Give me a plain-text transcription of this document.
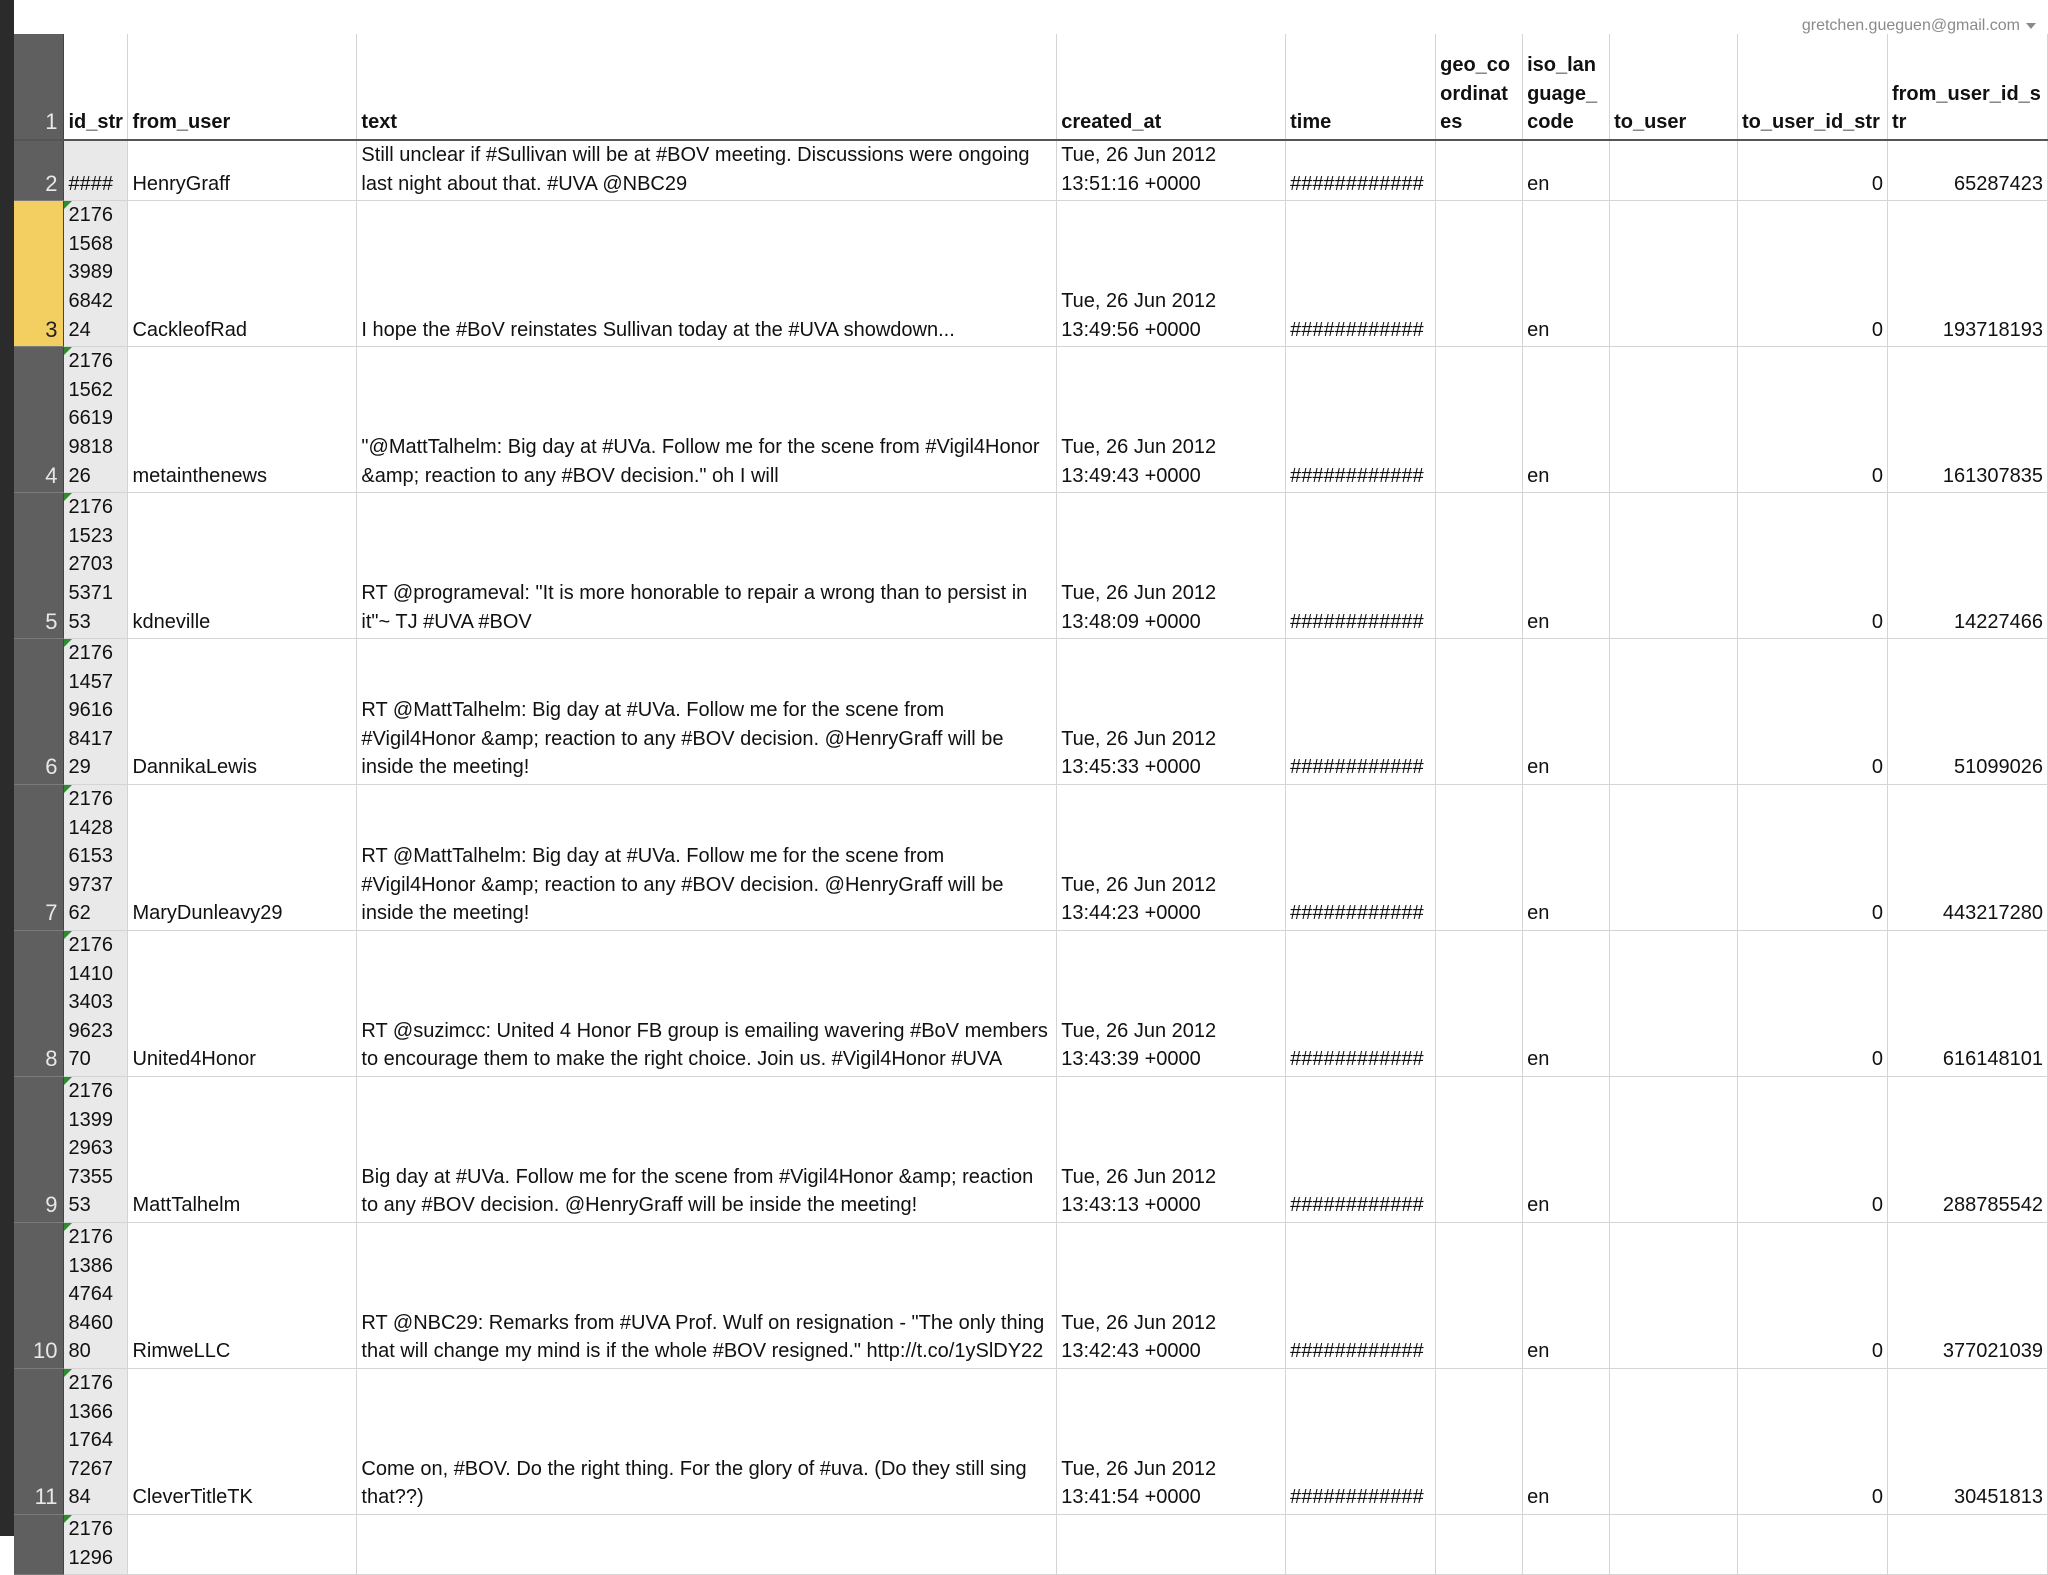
gretchen.gueguen@gmail.com
1	id_str	from_user	text	created_at	time	geo_coordinates	iso_language_code	to_user	to_user_id_str	from_user_id_str
2	####	HenryGraff	Still unclear if #Sullivan will be at #BOV meeting. Discussions were ongoing last night about that. #UVA @NBC29	Tue, 26 Jun 2012 13:51:16 +0000	############		en		0	65287423
3	217615683989684224	CackleofRad	I hope the #BoV reinstates Sullivan today at the #UVA showdown...	Tue, 26 Jun 2012 13:49:56 +0000	############		en		0	193718193
4	217615626619981826	metainthenews	"@MattTalhelm: Big day at #UVa. Follow me for the scene from #Vigil4Honor &amp; reaction to any #BOV decision." oh I will	Tue, 26 Jun 2012 13:49:43 +0000	############		en		0	161307835
5	217615232703537153	kdneville	RT @programeval: "It is more honorable to repair a wrong than to persist in it"~ TJ #UVA #BOV	Tue, 26 Jun 2012 13:48:09 +0000	############		en		0	14227466
6	217614579616841729	DannikaLewis	RT @MattTalhelm: Big day at #UVa. Follow me for the scene from #Vigil4Honor &amp; reaction to any #BOV decision. @HenryGraff will be inside the meeting!	Tue, 26 Jun 2012 13:45:33 +0000	############		en		0	51099026
7	217614286153973762	MaryDunleavy29	RT @MattTalhelm: Big day at #UVa. Follow me for the scene from #Vigil4Honor &amp; reaction to any #BOV decision. @HenryGraff will be inside the meeting!	Tue, 26 Jun 2012 13:44:23 +0000	############		en		0	443217280
8	217614103403962370	United4Honor	RT @suzimcc: United 4 Honor FB group is emailing wavering #BoV members to encourage them to make the right choice. Join us. #Vigil4Honor #UVA	Tue, 26 Jun 2012 13:43:39 +0000	############		en		0	616148101
9	217613992963735553	MattTalhelm	Big day at #UVa. Follow me for the scene from #Vigil4Honor &amp; reaction to any #BOV decision. @HenryGraff will be inside the meeting!	Tue, 26 Jun 2012 13:43:13 +0000	############		en		0	288785542
10	217613864764846080	RimweLLC	RT @NBC29: Remarks from #UVA Prof. Wulf on resignation - "The only thing that will change my mind is if the whole #BOV resigned." http://t.co/1ySlDY22	Tue, 26 Jun 2012 13:42:43 +0000	############		en		0	377021039
11	217613661764726784	CleverTitleTK	Come on, #BOV. Do the right thing. For the glory of #uva. (Do they still sing that??)	Tue, 26 Jun 2012 13:41:54 +0000	############		en		0	30451813

21761296									
